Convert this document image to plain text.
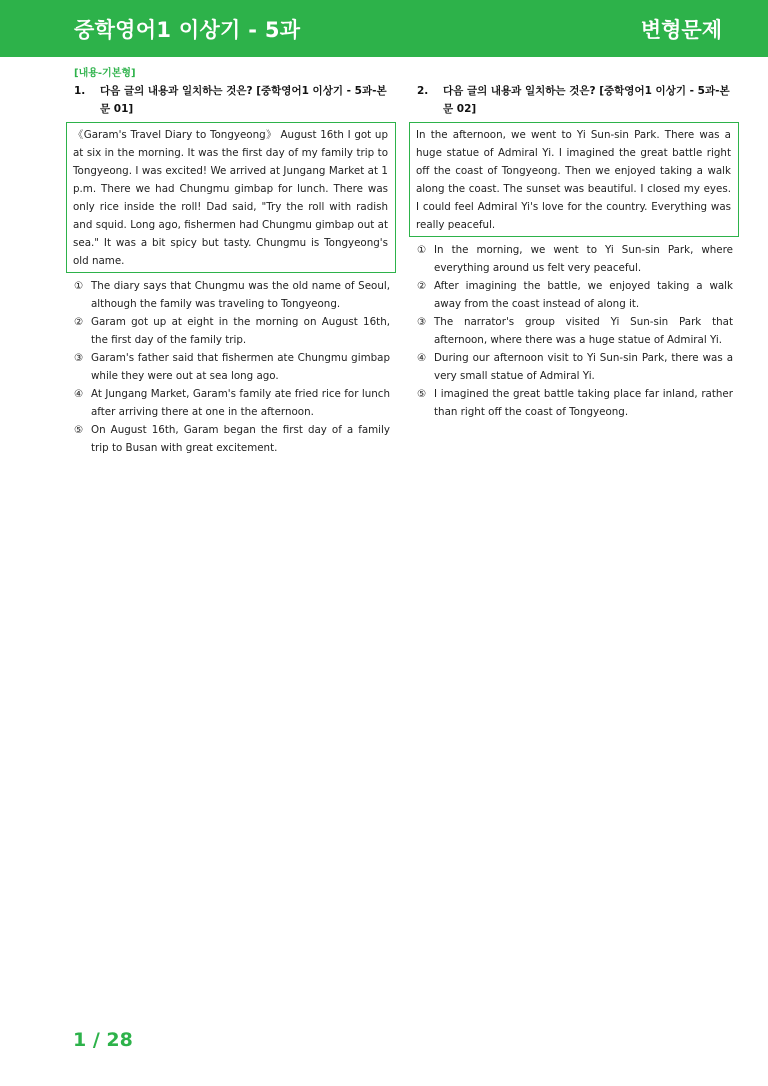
중학영어1 이상기 - 5과	변형문제
[내용-기본형]
1.	다음 글의 내용과 일치하는 것은? [중학영어1 이상기 - 5과-본문 01]
《Garam's Travel Diary to Tongyeong》 August 16th I got up at six in the morning. It was the first day of my family trip to Tongyeong. I was excited! We arrived at Jungang Market at 1 p.m. There we had Chungmu gimbap for lunch. There was only rice inside the roll! Dad said, "Try the roll with radish and squid. Long ago, fishermen had Chungmu gimbap out at sea." It was a bit spicy but tasty. Chungmu is Tongyeong's old name.
① The diary says that Chungmu was the old name of Seoul, although the family was traveling to Tongyeong.
② Garam got up at eight in the morning on August 16th, the first day of the family trip.
③ Garam's father said that fishermen ate Chungmu gimbap while they were out at sea long ago.
④ At Jungang Market, Garam's family ate fried rice for lunch after arriving there at one in the afternoon.
⑤ On August 16th, Garam began the first day of a family trip to Busan with great excitement.
2.	다음 글의 내용과 일치하는 것은? [중학영어1 이상기 - 5과-본문 02]
In the afternoon, we went to Yi Sun-sin Park. There was a huge statue of Admiral Yi. I imagined the great battle right off the coast of Tongyeong. Then we enjoyed taking a walk along the coast. The sunset was beautiful. I closed my eyes. I could feel Admiral Yi's love for the country. Everything was really peaceful.
① In the morning, we went to Yi Sun-sin Park, where everything around us felt very peaceful.
② After imagining the battle, we enjoyed taking a walk away from the coast instead of along it.
③ The narrator's group visited Yi Sun-sin Park that afternoon, where there was a huge statue of Admiral Yi.
④ During our afternoon visit to Yi Sun-sin Park, there was a very small statue of Admiral Yi.
⑤ I imagined the great battle taking place far inland, rather than right off the coast of Tongyeong.
1 / 28
